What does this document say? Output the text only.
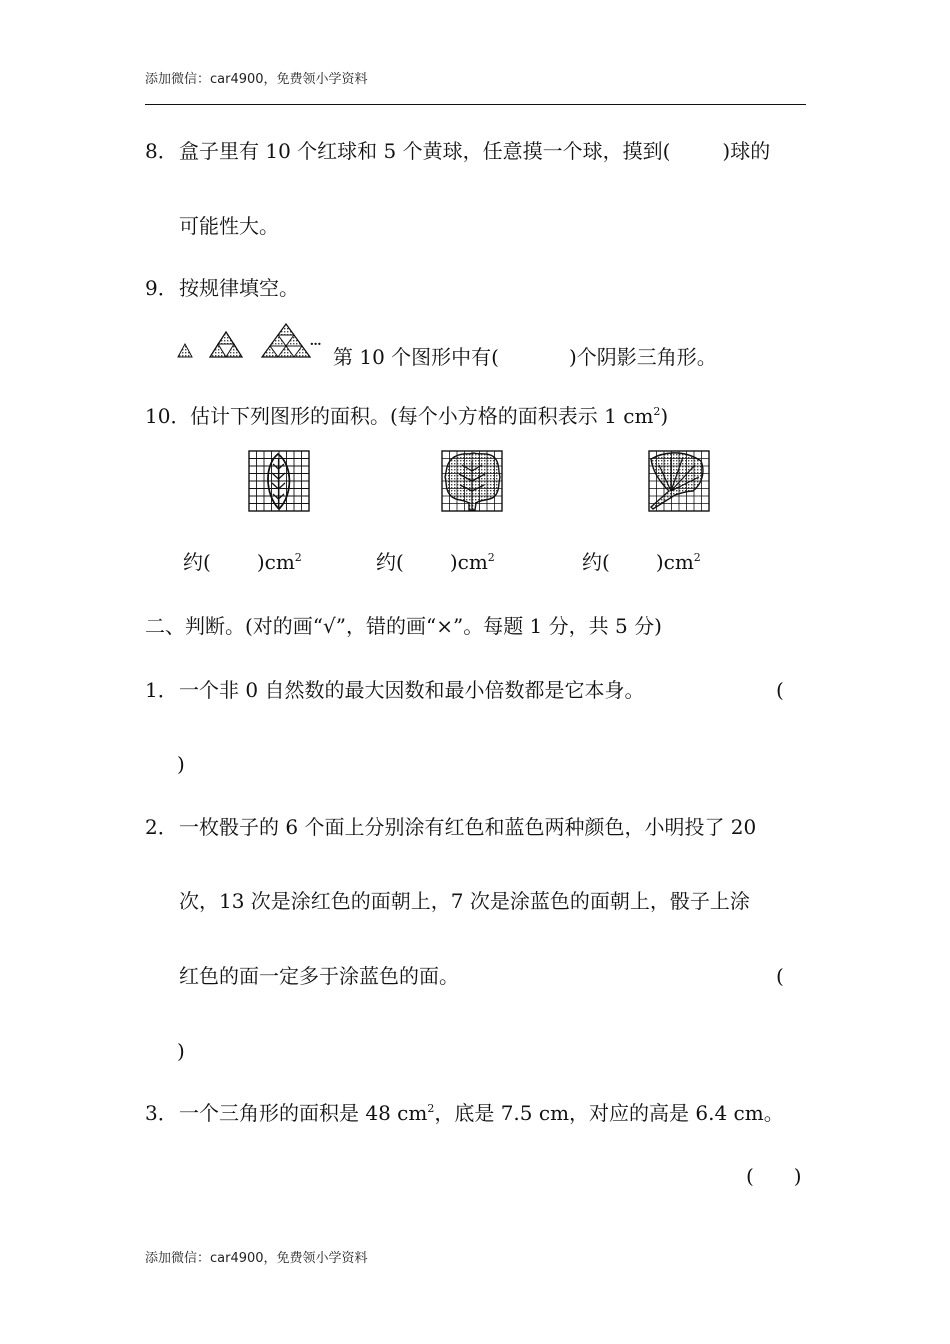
添加微信：car4900，免费领小学资料
8． 盒子里有 10 个红球和 5 个黄球，任意摸一个球，摸到(	)球的
可能性大。
9． 按规律填空。
···
第 10 个图形中有(	)个阴影三角形。
10． 估计下列图形的面积。(每个小方格的面积表示 1 $cm^2$)
约( )$cm^2$	约( )$cm^2$	约( )$cm^2$
二、判断。(对的画“√”，错的画“×”。每题 1 分，共 5 分)
1． 一个非 0 自然数的最大因数和最小倍数都是它本身。	(
)
2． 一枚骰子的 6 个面上分别涂有红色和蓝色两种颜色，小明投了 20
次，13 次是涂红色的面朝上，7 次是涂蓝色的面朝上，骰子上涂
红色的面一定多于涂蓝色的面。	(
)
3． 一个三角形的面积是 48 $cm^2$，底是 7.5 cm，对应的高是 6.4 cm。
(　　)
添加微信：car4900，免费领小学资料
